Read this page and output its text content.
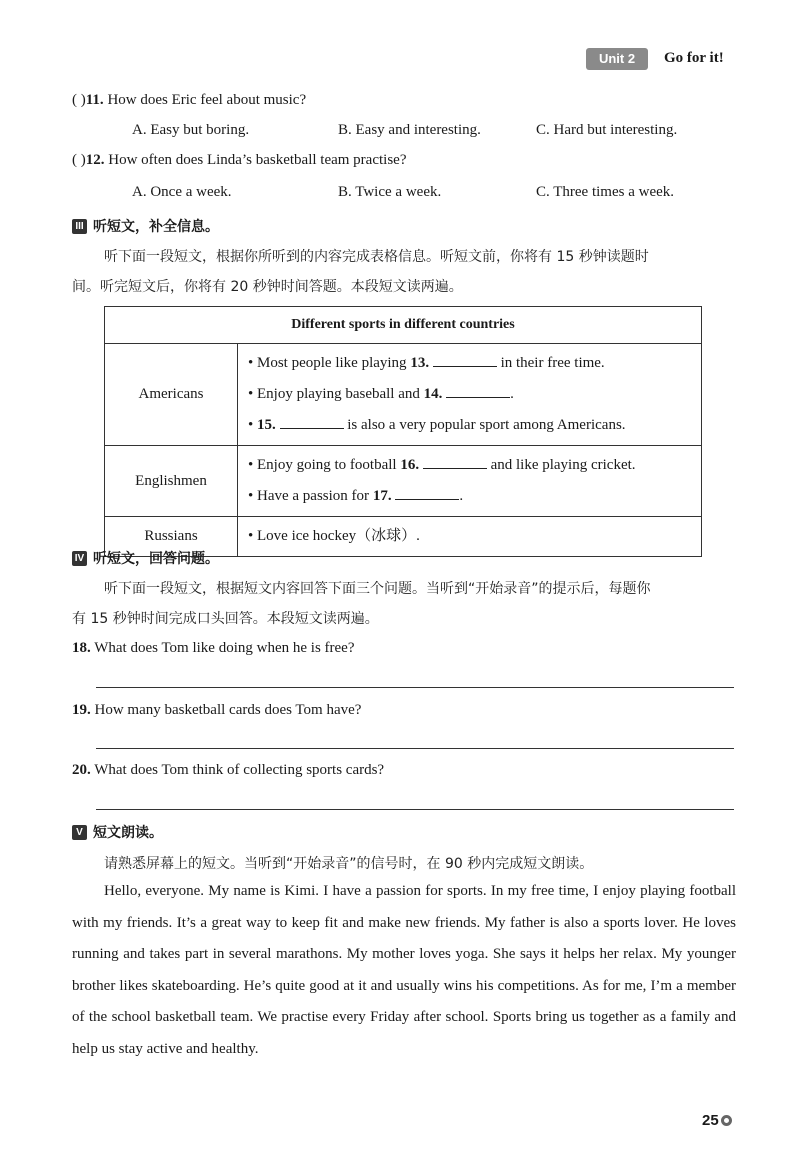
Unit 2	Go for it!
( )11. How does Eric feel about music?
A. Easy but boring.	B. Easy and interesting.	C. Hard but interesting.
( )12. How often does Linda’s basketball team practise?
A. Once a week.	B. Twice a week.	C. Three times a week.
III 听短文，补全信息。
听下面一段短文，根据你所听到的内容完成表格信息。听短文前，你将有 15 秒钟读题时
间。听完短文后，你将有 20 秒钟时间答题。本段短文读两遍。
Different sports in different countries	
Americans	• Most people like playing 13. in their free time.
• Enjoy playing baseball and 14. .
• 15. is also a very popular sport among Americans.

Englishmen	• Enjoy going to football 16. and like playing cricket.
• Have a passion for 17. .

Russians	• Love ice hockey（冰球）.
IV 听短文，回答问题。
听下面一段短文，根据短文内容回答下面三个问题。当听到“开始录音”的提示后，每题你
有 15 秒钟时间完成口头回答。本段短文读两遍。
18. What does Tom like doing when he is free?
19. How many basketball cards does Tom have?
20. What does Tom think of collecting sports cards?
V 短文朗读。
请熟悉屏幕上的短文。当听到“开始录音”的信号时，在 90 秒内完成短文朗读。
Hello, everyone. My name is Kimi. I have a passion for sports. In my free time, I enjoy playing football with my friends. It’s a great way to keep fit and make new friends. My father is also a sports lover. He loves running and takes part in several marathons. My mother loves yoga. She says it helps her relax. My younger brother likes skateboarding. He’s quite good at it and usually wins his competitions. As for me, I’m a member of the school basketball team. We practise every Friday after school. Sports bring us together as a family and help us stay active and healthy.
25
